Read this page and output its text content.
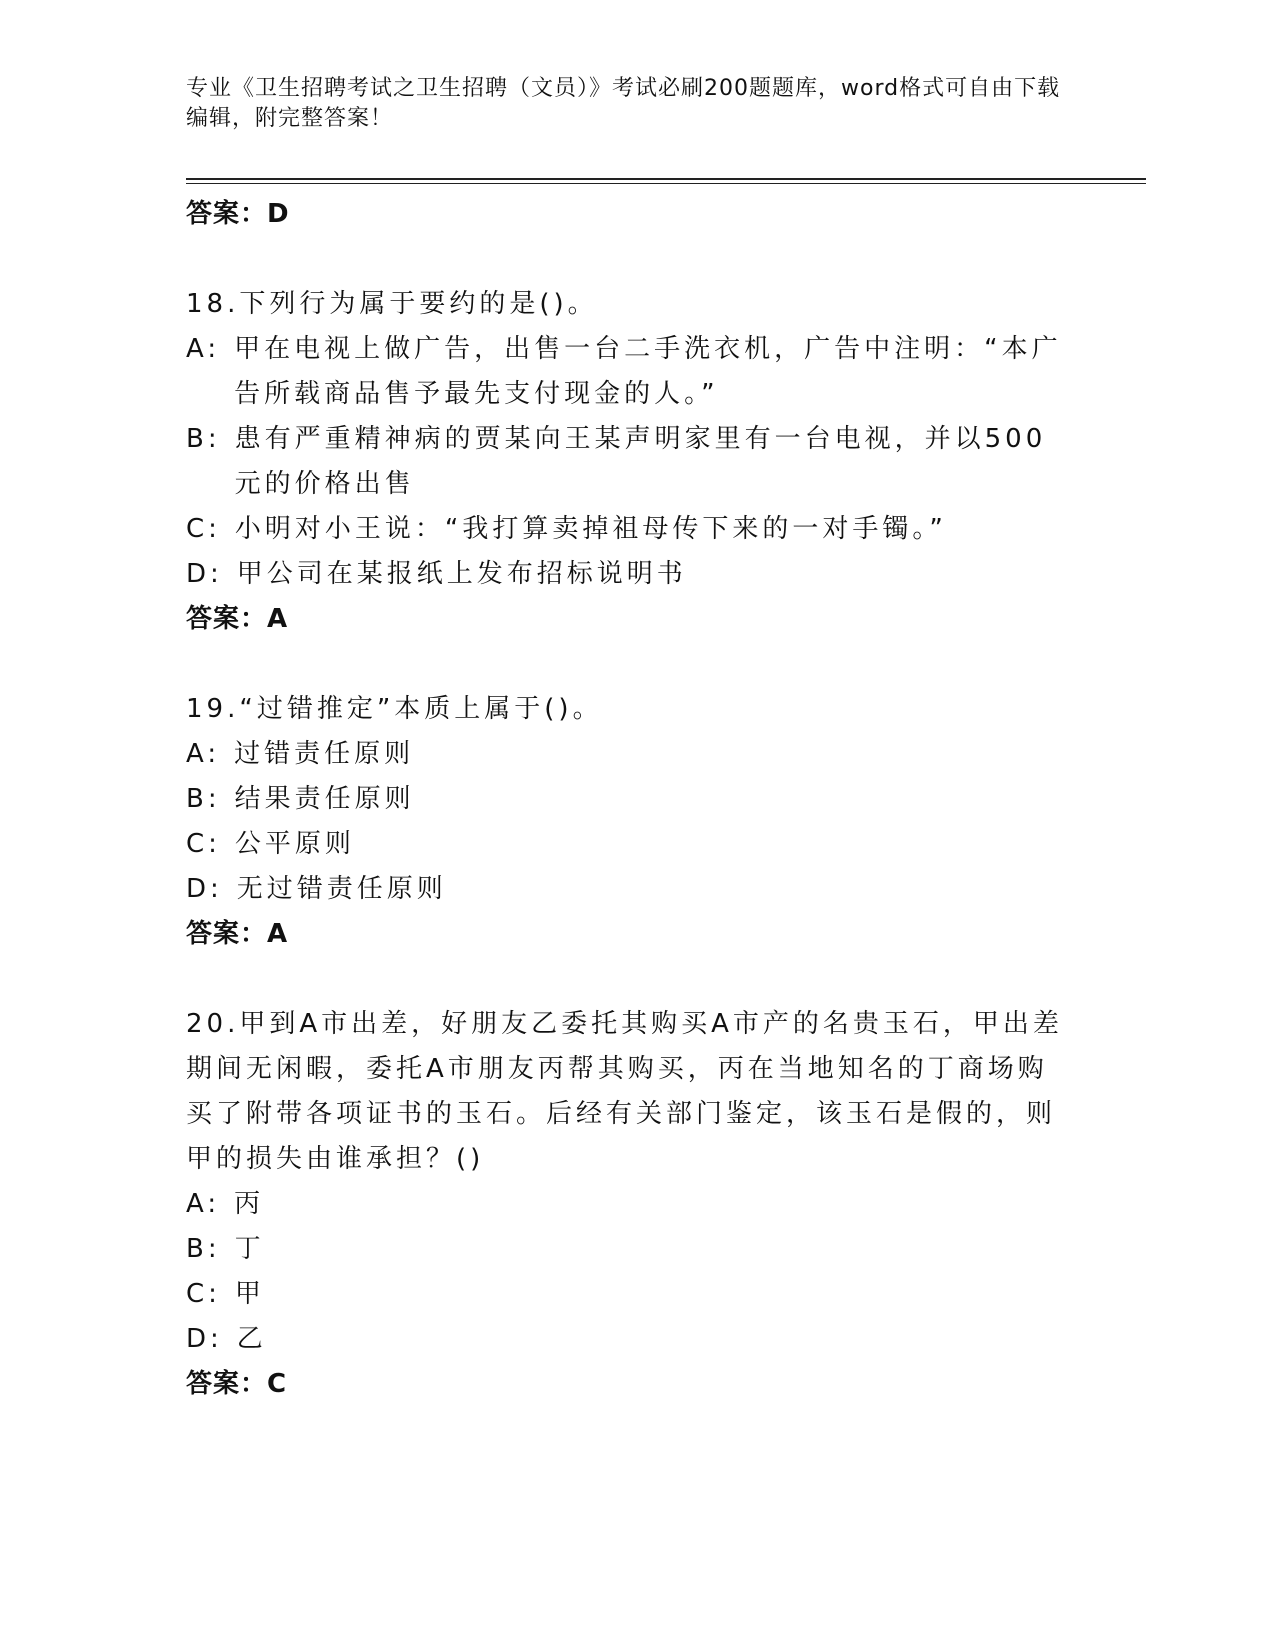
专业《卫生招聘考试之卫生招聘（文员）》考试必刷200题题库，word格式可自由下载编辑，附完整答案！

答案：D

18.下列行为属于要约的是()。

A: 甲在电视上做广告，出售一台二手洗衣机，广告中注明：“本广告所载商品售予最先支付现金的人。”
B: 患有严重精神病的贾某向王某声明家里有一台电视，并以500元的价格出售
C: 小明对小王说：“我打算卖掉祖母传下来的一对手镯。”
D: 甲公司在某报纸上发布招标说明书

答案：A

19.“过错推定”本质上属于()。

A: 过错责任原则
B: 结果责任原则
C: 公平原则
D: 无过错责任原则

答案：A

20.甲到A市出差，好朋友乙委托其购买A市产的名贵玉石，甲出差期间无闲暇，委托A市朋友丙帮其购买，丙在当地知名的丁商场购买了附带各项证书的玉石。后经有关部门鉴定，该玉石是假的，则甲的损失由谁承担？()

A: 丙
B: 丁
C: 甲
D: 乙

答案：C
